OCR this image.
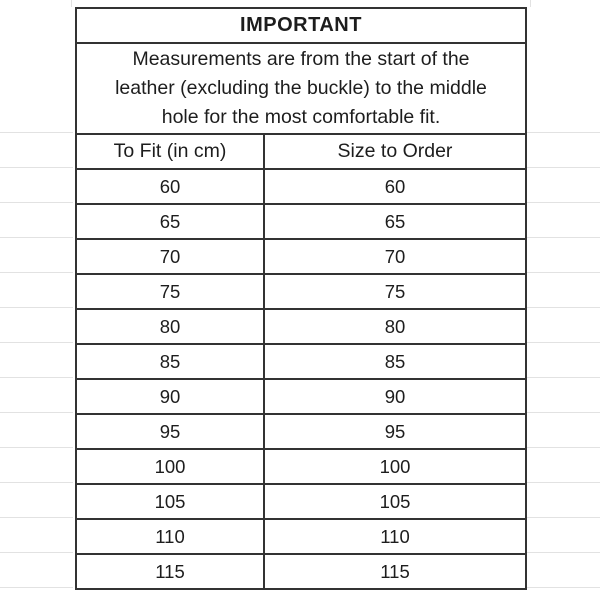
IMPORTANT	

Measurements are from the start of the
leather (excluding the buckle) to the middle
hole for the most comfortable fit.	

To Fit (in cm)	Size to Order
60	60
65	65
70	70
75	75
80	80
85	85
90	90
95	95
100	100
105	105
110	110
115	115
